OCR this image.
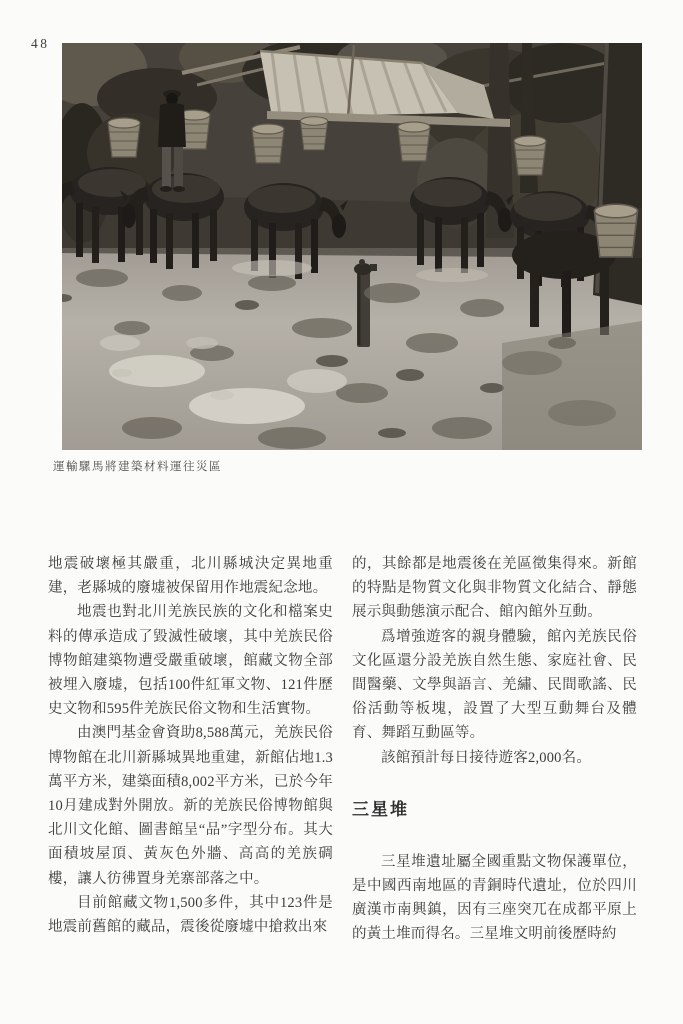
48
運輸騾馬將建築材料運往災區

地震破壞極其嚴重，北川縣城決定異地重建，老縣城的廢墟被保留用作地震紀念地。

地震也對北川羌族民族的文化和檔案史料的傳承造成了毀滅性破壞，其中羌族民俗博物館建築物遭受嚴重破壞，館藏文物全部被埋入廢墟，包括100件紅軍文物、121件歷史文物和595件羌族民俗文物和生活實物。

由澳門基金會資助8,588萬元，羌族民俗博物館在北川新縣城異地重建，新館佔地1.3萬平方米，建築面積8,002平方米，已於今年10月建成對外開放。新的羌族民俗博物館與北川文化館、圖書館呈“品”字型分布。其大面積坡屋頂、黃灰色外牆、高高的羌族碉樓，讓人彷彿置身羌寨部落之中。

目前館藏文物1,500多件，其中123件是地震前舊館的藏品，震後從廢墟中搶救出來

的，其餘都是地震後在羌區徵集得來。新館的特點是物質文化與非物質文化結合、靜態展示與動態演示配合、館內館外互動。

爲增強遊客的親身體驗，館內羌族民俗文化區還分設羌族自然生態、家庭社會、民間醫藥、文學與語言、羌繡、民間歌謠、民俗活動等板塊，設置了大型互動舞台及體育、舞蹈互動區等。

該館預計每日接待遊客2,000名。

三星堆

三星堆遺址屬全國重點文物保護單位，是中國西南地區的青銅時代遺址，位於四川廣漢市南興鎮，因有三座突兀在成都平原上的黃土堆而得名。三星堆文明前後歷時約
